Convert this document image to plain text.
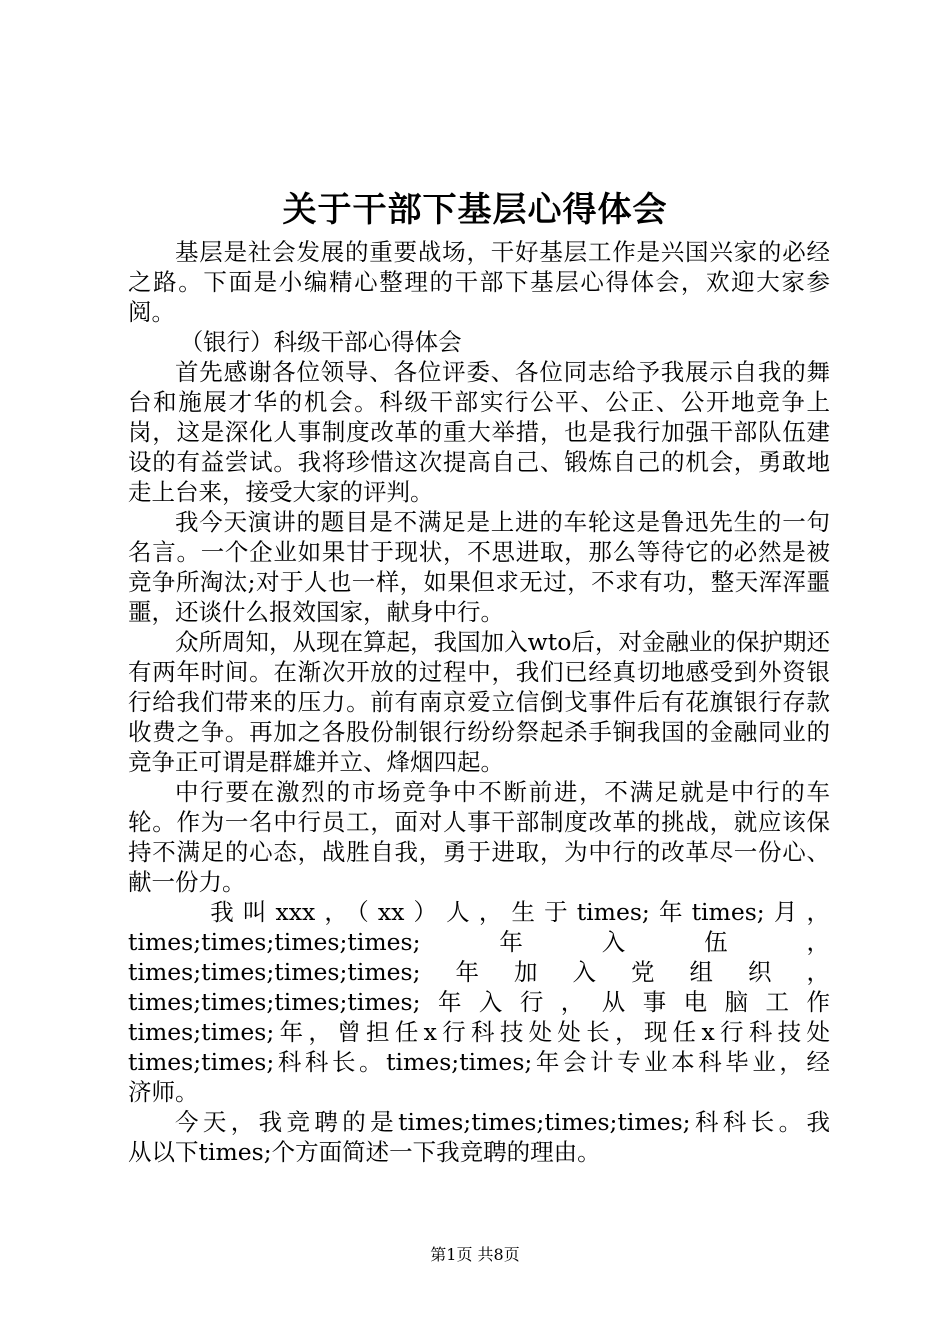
关于干部下基层心得体会

基层是社会发展的重要战场，干好基层工作是兴国兴家的必经之路。下面是小编精心整理的干部下基层心得体会，欢迎大家参阅。

（银行）科级干部心得体会

首先感谢各位领导、各位评委、各位同志给予我展示自我的舞台和施展才华的机会。科级干部实行公平、公正、公开地竞争上岗，这是深化人事制度改革的重大举措，也是我行加强干部队伍建设的有益尝试。我将珍惜这次提高自己、锻炼自己的机会，勇敢地走上台来，接受大家的评判。

我今天演讲的题目是不满足是上进的车轮这是鲁迅先生的一句名言。一个企业如果甘于现状，不思进取，那么等待它的必然是被竞争所淘汰;对于人也一样，如果但求无过，不求有功，整天浑浑噩噩，还谈什么报效国家，献身中行。

众所周知，从现在算起，我国加入wto后，对金融业的保护期还有两年时间。在渐次开放的过程中，我们已经真切地感受到外资银行给我们带来的压力。前有南京爱立信倒戈事件后有花旗银行存款收费之争。再加之各股份制银行纷纷祭起杀手锏我国的金融同业的竞争正可谓是群雄并立、烽烟四起。

中行要在激烈的市场竞争中不断前进，不满足就是中行的车轮。作为一名中行员工，面对人事干部制度改革的挑战，就应该保持不满足的心态，战胜自我，勇于进取，为中行的改革尽一份心、献一份力。

我叫xxx，（xx）人，生于times;年times;月，

times;times;times;times;年入伍，

times;times;times;times;年加入党组织，

times;times;times;times;年入行，从事电脑工作

times;times;年，曾担任x行科技处处长，现任x行科技处

times;times;科科长。times;times;年会计专业本科毕业，经

济师。

今天，我竞聘的是times;times;times;times;科科长。我

从以下times;个方面简述一下我竞聘的理由。

第1页 共8页
